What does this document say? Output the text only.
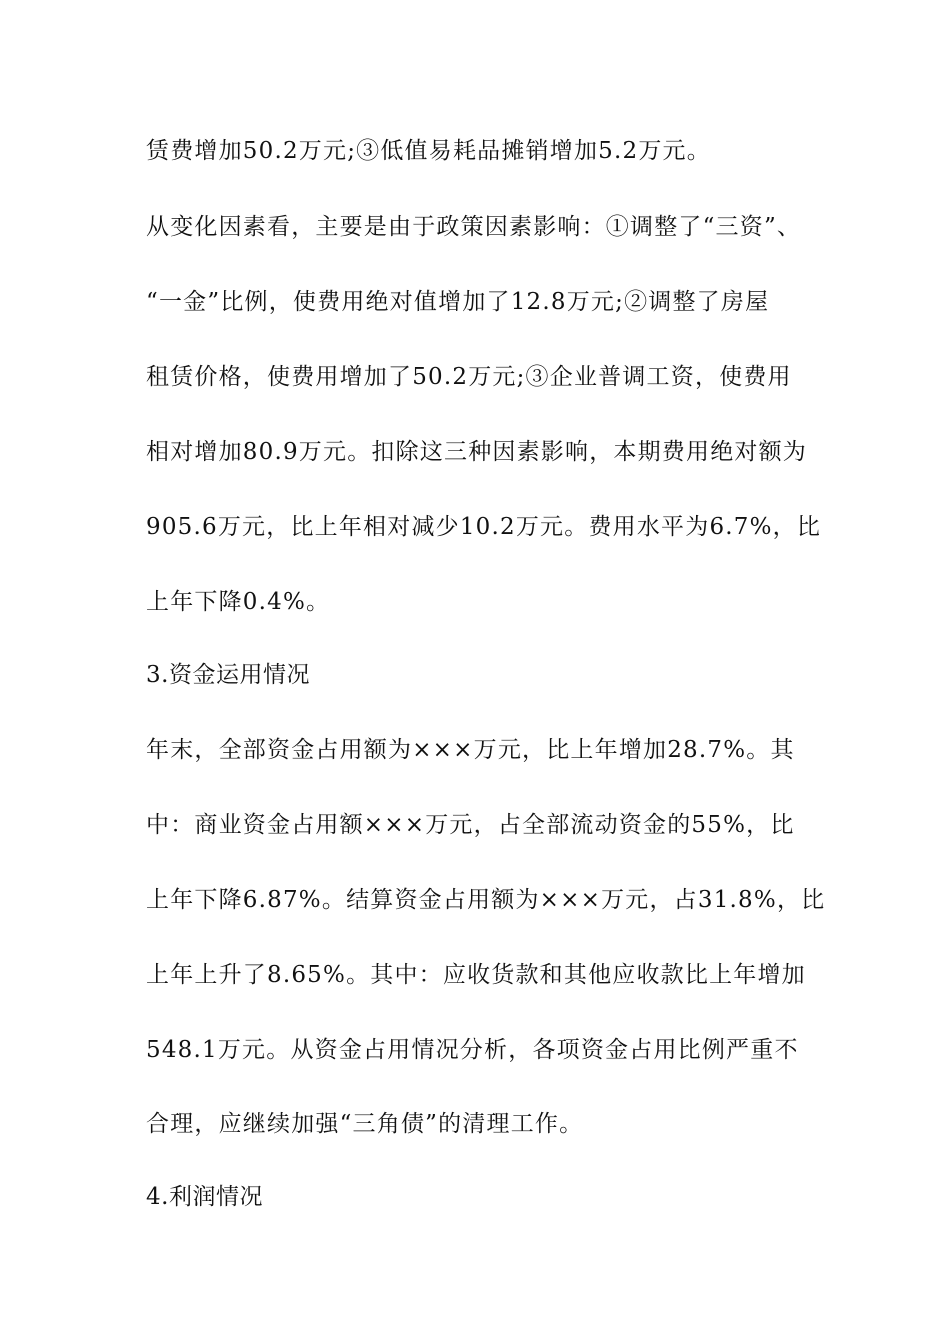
赁费增加50.2万元;③低值易耗品摊销增加5.2万元。
从变化因素看，主要是由于政策因素影响：①调整了“三资”、
“一金”比例，使费用绝对值增加了12.8万元;②调整了房屋
租赁价格，使费用增加了50.2万元;③企业普调工资，使费用
相对增加80.9万元。扣除这三种因素影响，本期费用绝对额为
905.6万元，比上年相对减少10.2万元。费用水平为6.7%，比
上年下降0.4%。
3.资金运用情况
年末，全部资金占用额为×××万元，比上年增加28.7%。其
中：商业资金占用额×××万元，占全部流动资金的55%，比
上年下降6.87%。结算资金占用额为×××万元，占31.8%，比
上年上升了8.65%。其中：应收货款和其他应收款比上年增加
548.1万元。从资金占用情况分析，各项资金占用比例严重不
合理，应继续加强“三角债”的清理工作。
4.利润情况
